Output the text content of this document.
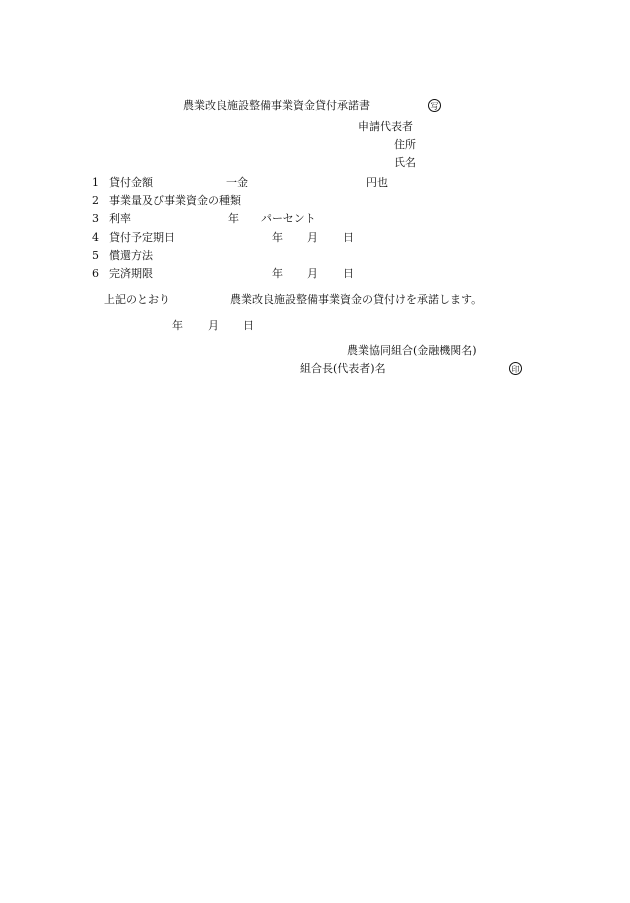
農業改良施設整備事業資金貸付承諾書	写
申請代表者
住所
氏名
1 貸付金額	一金	円也
2 事業量及び事業資金の種類
3 利率	年 パーセント
4 貸付予定期日	年 月 日
5 償還方法
6 完済期限	年 月 日
上記のとおり	農業改良施設整備事業資金の貸付けを承諾します。
年 月 日
農業協同組合(金融機関名)
組合長(代表者)名	印
